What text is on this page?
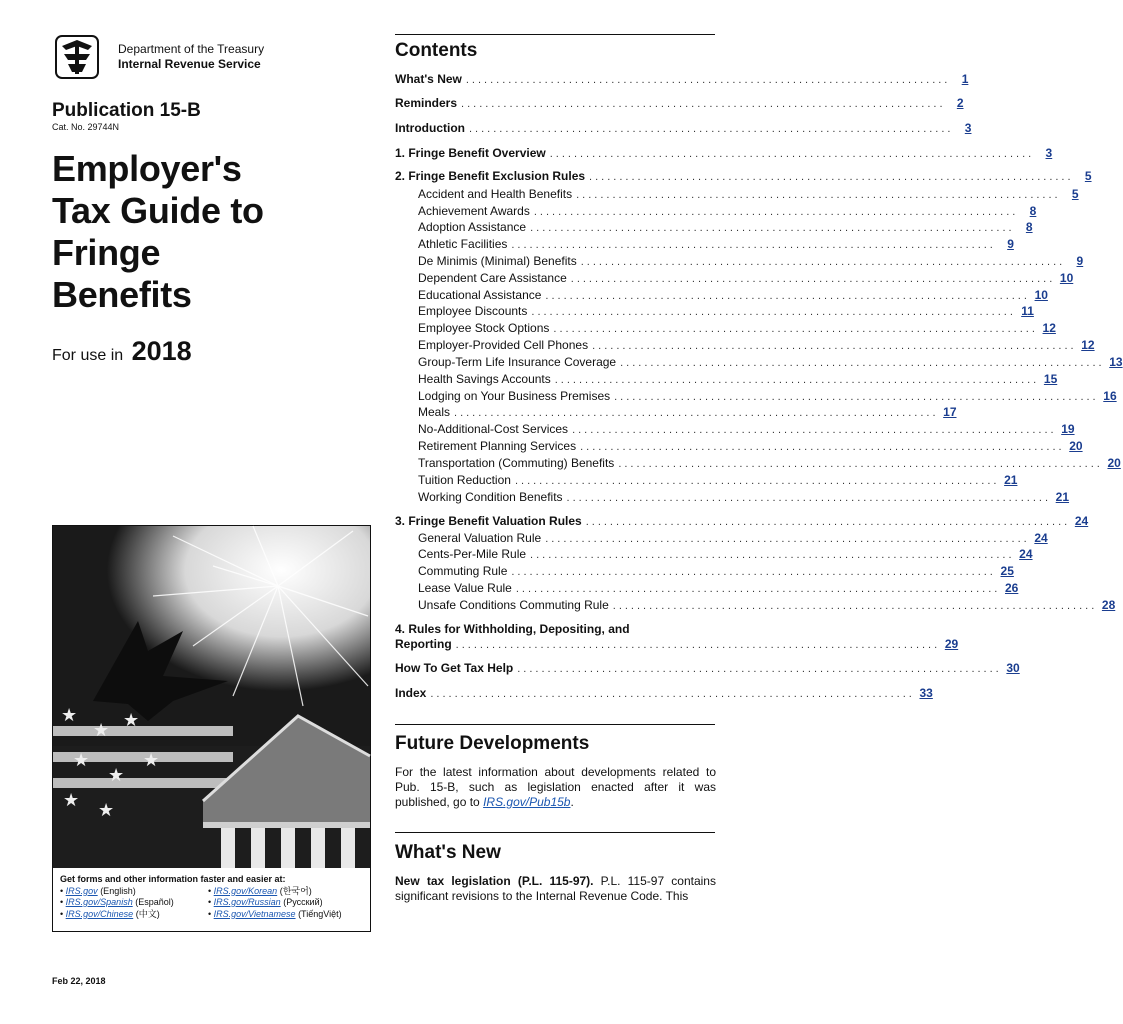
Department of the Treasury
Internal Revenue Service
Publication 15-B
Cat. No. 29744N
Employer's
Tax Guide to
Fringe
Benefits
For use in 2018
★
★ ★
★
★
★
★ ★
Get forms and other information faster and easier at:
• IRS.gov (English)
• IRS.gov/Spanish (Español)
• IRS.gov/Chinese (中文)
• IRS.gov/Korean (한국어)
• IRS.gov/Russian (Pусский)
• IRS.gov/Vietnamese (TiếngViệt)
Feb 22, 2018
Contents
What's New ................................................................................ 1
Reminders ................................................................................ 2
Introduction ................................................................................ 3
1. Fringe Benefit Overview ................................................................................ 3
2. Fringe Benefit Exclusion Rules ................................................................................ 5
Accident and Health Benefits ................................................................................ 5
Achievement Awards ................................................................................ 8
Adoption Assistance ................................................................................ 8
Athletic Facilities ................................................................................ 9
De Minimis (Minimal) Benefits ................................................................................ 9
Dependent Care Assistance ................................................................................ 10
Educational Assistance ................................................................................ 10
Employee Discounts ................................................................................ 11
Employee Stock Options ................................................................................ 12
Employer-Provided Cell Phones ................................................................................ 12
Group-Term Life Insurance Coverage ................................................................................ 13
Health Savings Accounts ................................................................................ 15
Lodging on Your Business Premises ................................................................................ 16
Meals ................................................................................ 17
No-Additional-Cost Services ................................................................................ 19
Retirement Planning Services ................................................................................ 20
Transportation (Commuting) Benefits ................................................................................ 20
Tuition Reduction ................................................................................ 21
Working Condition Benefits ................................................................................ 21
3. Fringe Benefit Valuation Rules ................................................................................ 24
General Valuation Rule ................................................................................ 24
Cents-Per-Mile Rule ................................................................................ 24
Commuting Rule ................................................................................ 25
Lease Value Rule ................................................................................ 26
Unsafe Conditions Commuting Rule ................................................................................ 28
4. Rules for Withholding, Depositing, and
Reporting ................................................................................ 29
How To Get Tax Help ................................................................................ 30
Index ................................................................................ 33
Future Developments
For the latest information about developments related to Pub. 15-B, such as legislation enacted after it was published, go to IRS.gov/Pub15b.
What's New
New tax legislation (P.L. 115-97). P.L. 115-97 contains significant revisions to the Internal Revenue Code. This
